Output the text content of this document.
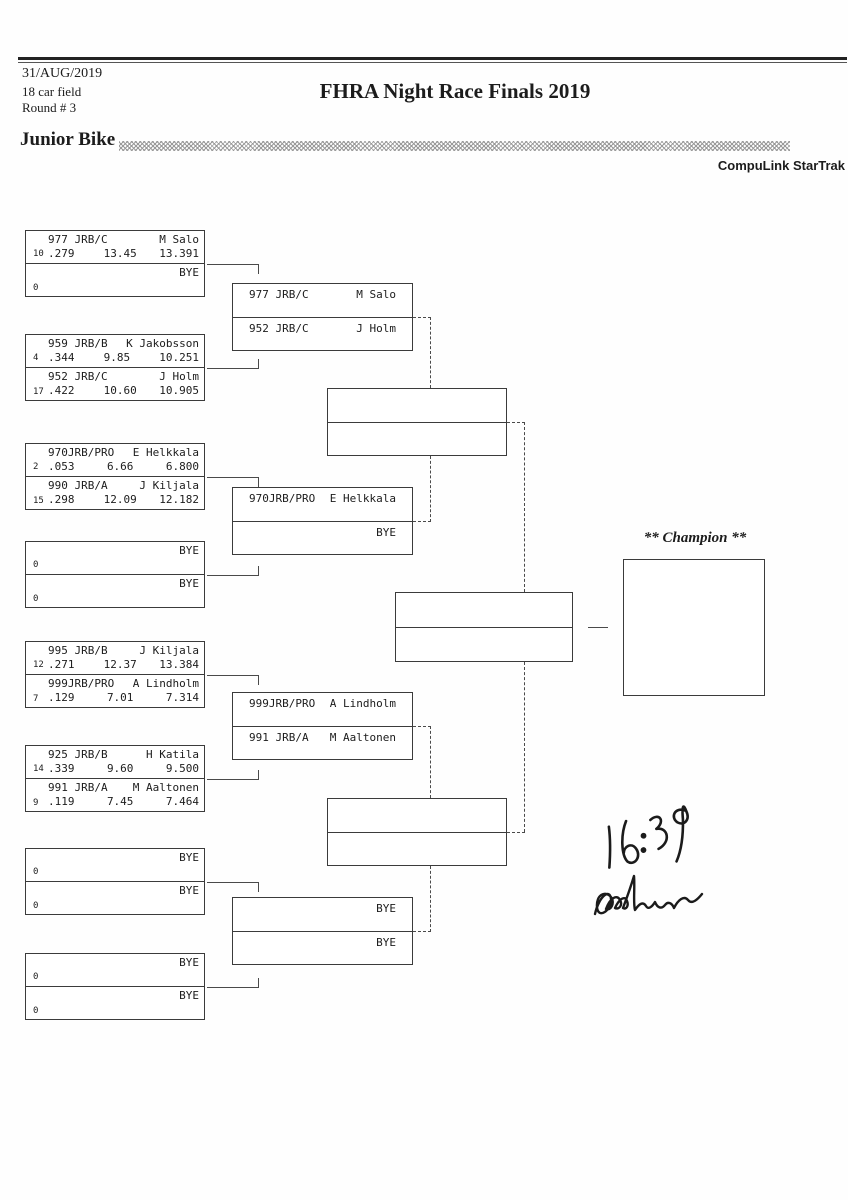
31/AUG/2019
18 car field
Round # 3
FHRA Night Race Finals 2019
Junior Bike
CompuLink StarTrak
** Champion **
977 JRB/C	M Salo
10 .279	13.45	13.391
BYE
0
959 JRB/B K Jakobsson
4 .344	9.85	10.251
952 JRB/C	J Holm
17 .422	10.60	10.905
970JRB/PRO E Helkkala
2 .053	6.66	6.800
990 JRB/A	J Kiljala
15 .298	12.09	12.182
BYE
0
BYE
0
995 JRB/B	J Kiljala
12 .271	12.37	13.384
999JRB/PRO A Lindholm
7 .129	7.01	7.314
925 JRB/B	H Katila
14 .339	9.60	9.500
991 JRB/A M Aaltonen
9 .119	7.45	7.464
BYE
0
BYE
0
BYE
0
BYE
0
977 JRB/C	M Salo
952 JRB/C	J Holm
970JRB/PRO E Helkkala
BYE
999JRB/PRO A Lindholm
991 JRB/A M Aaltonen
BYE
BYE
